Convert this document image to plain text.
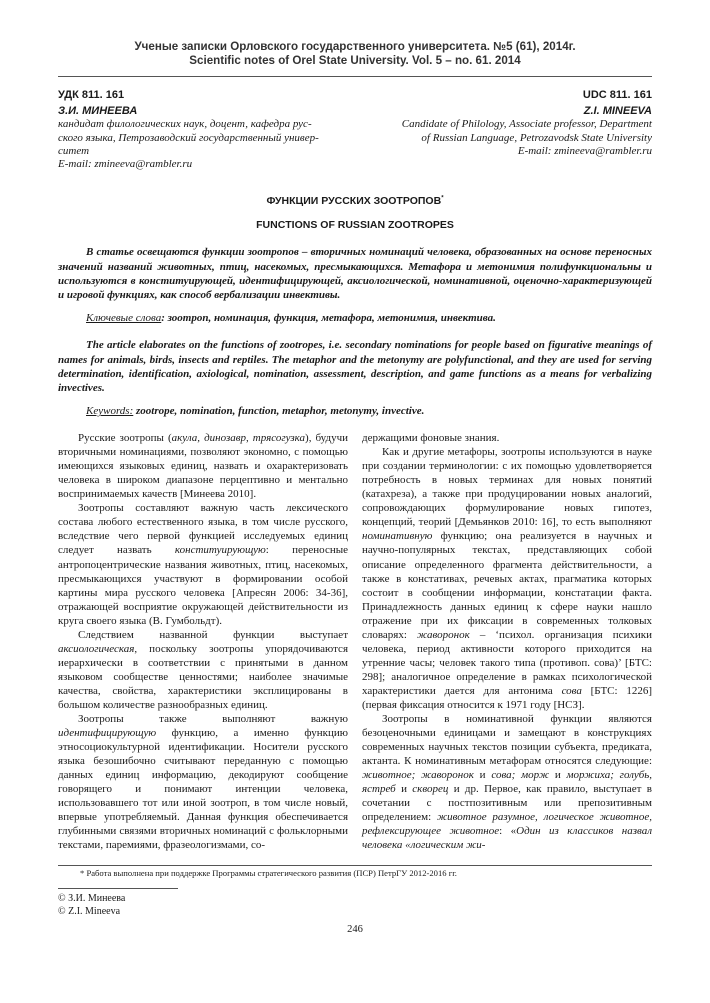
Ученые записки Орловского государственного университета. №5 (61), 2014г.
Scientific notes of Orel State University. Vol. 5 – no. 61. 2014
УДК 811. 161	UDC 811. 161
З.И. МИНЕЕВА
кандидат филологических наук, доцент, кафедра рус-
ского языка, Петрозаводский государственный универ-
ситет
E-mail: zmineeva@rambler.ru
Z.I. MINEEVA
Candidate of Philology, Associate professor, Department
of Russian Language, Petrozavodsk State University
E-mail: zmineeva@rambler.ru
ФУНКЦИИ РУССКИХ ЗООТРОПОВ*
FUNCTIONS OF RUSSIAN ZOOTROPES
В статье освещаются функции зоотропов – вторичных номинаций человека, образованных на основе переносных значений названий животных, птиц, насекомых, пресмыкающихся. Метафора и метонимия полифункциональны и используются в конституирующей, идентифицирующей, аксиологической, номинативной, оценочно-характеризующей и игровой функциях, как способ вербализации инвективы.
Ключевые слова: зоотроп, номинация, функция, метафора, метонимия, инвектива.
The article elaborates on the functions of zootropes, i.e. secondary nominations for people based on figurative meanings of names for animals, birds, insects and reptiles. The metaphor and the metonymy are polyfunctional, and they are used for serving determination, identification, axiological, nomination, assessment, description, and game functions as a means for verbalizing invectives.
Keywords: zootrope, nomination, function, metaphor, metonymy, invective.

Русские зоотропы (акула, динозавр, трясогузка), будучи вторичными номинациями, позволяют экономно, с помощью имеющихся языковых единиц, назвать и охарактеризовать человека в широком диапазоне перцептивно и ментально воспринимаемых качеств [Минеева 2010].

Зоотропы составляют важную часть лексического состава любого естественного языка, в том числе русского, вследствие чего первой функцией исследуемых единиц следует назвать конституирующую: переносные антропоцентрические названия животных, птиц, насекомых, пресмыкающихся участвуют в формировании особой картины мира русского человека [Апресян 2006: 34-36], отражающей восприятие окружающей действительности из круга своего языка (В. Гумбольдт).

Следствием названной функции выступает аксиологическая, поскольку зоотропы упорядочиваются иерархически в соответствии с принятыми в данном языковом сообществе ценностями; наиболее значимые качества, свойства, характеристики эксплицированы в большом количестве разнообразных единиц.

Зоотропы также выполняют важную идентифицирующую функцию, а именно функцию этносоциокультурной идентификации. Носители русского языка безошибочно считывают переданную с помощью данных единиц информацию, декодируют сообщение говорящего и понимают интенции человека, использовавшего тот или иной зоотроп, в том числе новый, впервые употребляемый. Данная функция обеспечивается глубинными связями вторичных номинаций с фольклорными текстами, паремиями, фразеологизмами, со-

держащими фоновые знания.

Как и другие метафоры, зоотропы используются в науке при создании терминологии: с их помощью удовлетворяется потребность в новых терминах для новых понятий (катахреза), а также при продуцировании новых аналогий, сопровождающих формулирование новых гипотез, концепций, теорий [Демьянков 2010: 16], то есть выполняют номинативную функцию; она реализуется в научных и научно-популярных текстах, представляющих собой описание определенного фрагмента действительности, а также в констативах, речевых актах, прагматика которых состоит в сообщении информации, констатации факта. Принадлежность данных единиц к сфере науки нашло отражение при их фиксации в современных толковых словарях: жаворонок – ‘психол. организация психики человека, период активности которого приходится на утренние часы; человек такого типа (противоп. сова)’ [БТС: 298]; аналогичное определение в рамках психологической характеристики дается для антонима сова [БТС: 1226] (первая фиксация относится к 1971 году [НСЗ].

Зоотропы в номинативной функции являются безоценочными единицами и замещают в конструкциях современных научных текстов позиции субъекта, предиката, актанта. К номинативным метафорам относятся следующие: животное; жаворонок и сова; морж и моржиха; голубь, ястреб и скворец и др. Первое, как правило, выступает в сочетании с постпозитивным или препозитивным определением: животное разумное, логическое животное, рефлексирующее животное: «Один из классиков назвал человека «логическим жи-

* Работа выполнена при поддержке Программы стратегического развития (ПСР) ПетрГУ 2012-2016 гг.
© З.И. Минеева
© Z.I. Mineeva
246
